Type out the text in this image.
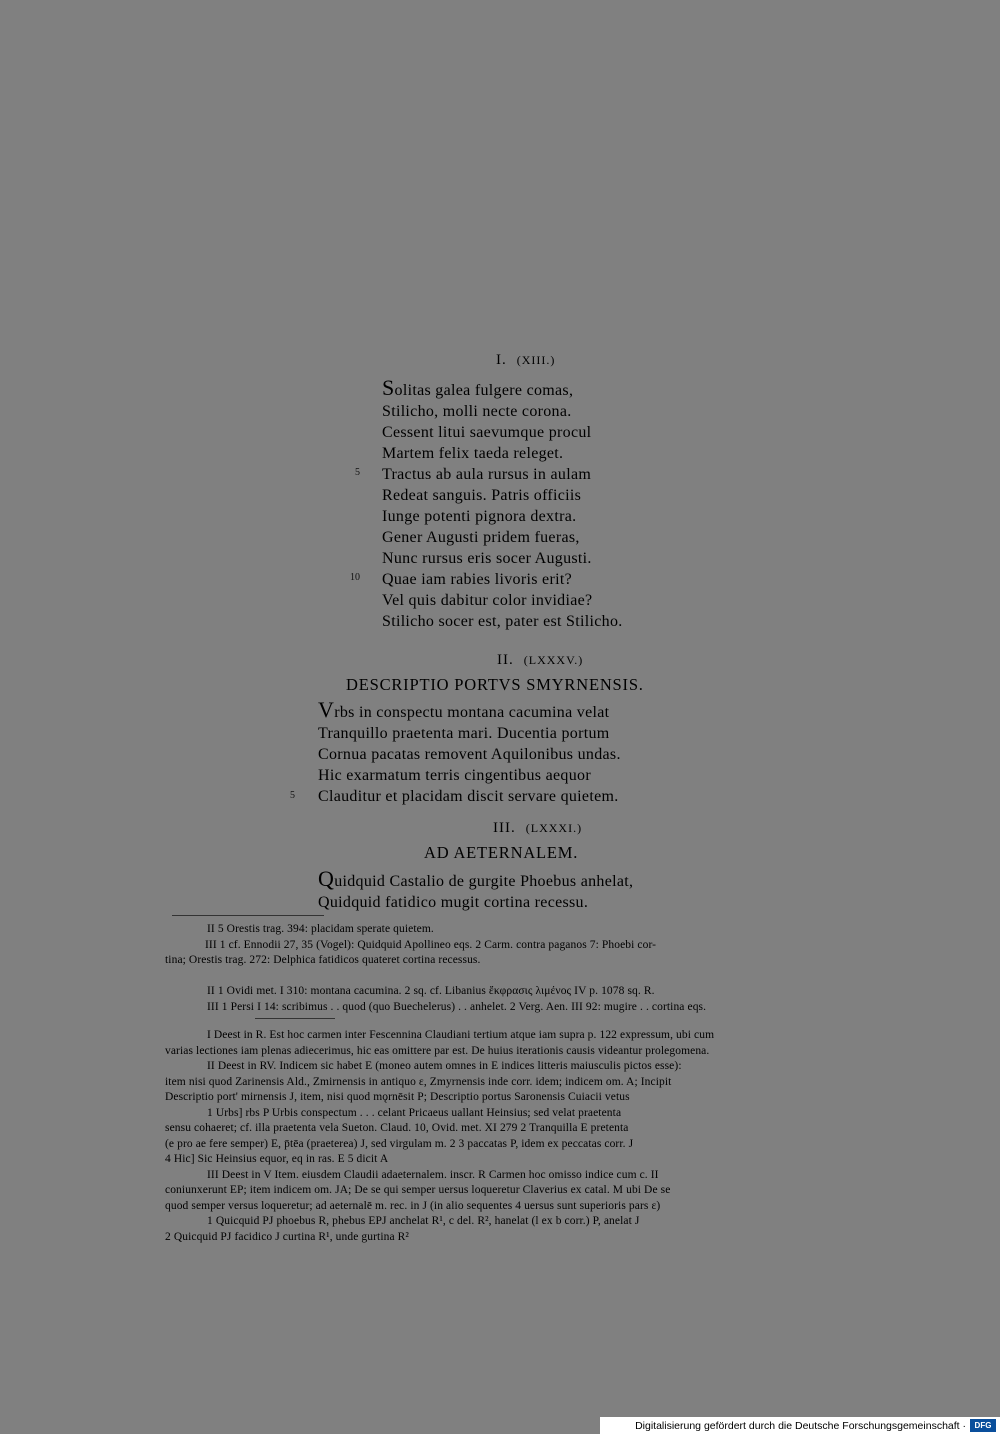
I. (XIII.)
Solitas galea fulgere comas,
Stilicho, molli necte corona.
Cessent litui saevumque procul
Martem felix taeda releget.
Tractus ab aula rursus in aulam
Redeat sanguis. Patris officiis
Iunge potenti pignora dextra.
Gener Augusti pridem fueras,
Nunc rursus eris socer Augusti.
Quae iam rabies livoris erit?
Vel quis dabitur color invidiae?
Stilicho socer est, pater est Stilicho.
5
10
II. (LXXXV.)
DESCRIPTIO PORTVS SMYRNENSIS.
Vrbs in conspectu montana cacumina velat
Tranquillo praetenta mari. Ducentia portum
Cornua pacatas removent Aquilonibus undas.
Hic exarmatum terris cingentibus aequor
Clauditur et placidam discit servare quietem.
5
III. (LXXXI.)
AD AETERNALEM.
Quidquid Castalio de gurgite Phoebus anhelat,
Quidquid fatidico mugit cortina recessu.
II 5 Orestis trag. 394: placidam sperate quietem.
III 1 cf. Ennodii 27, 35 (Vogel): Quidquid Apollineo eqs. 2 Carm. contra paganos 7: Phoebi cor-
tina; Orestis trag. 272: Delphica fatidicos quateret cortina recessus.
II 1 Ovidi met. I 310: montana cacumina. 2 sq. cf. Libanius ἔκφρασις λιμένος IV p. 1078 sq. R.
III 1 Persi I 14: scribimus . . quod (quo Buechelerus) . . anhelet. 2 Verg. Aen. III 92: mugire . . cortina eqs.
I Deest in R. Est hoc carmen inter Fescennina Claudiani tertium atque iam supra p. 122 expressum, ubi cum
varias lectiones iam plenas adiecerimus, hic eas omittere par est. De huius iterationis causis videantur prolegomena.
II Deest in RV. Indicem sic habet E (moneo autem omnes in E indices litteris maiusculis pictos esse):
item nisi quod Zarinensis Ald., Zmirnensis in antiquo ε, Zmyrnensis inde corr. idem; indicem om. A; Incipit
Descriptio port' mirnensis J, item, nisi quod mǫrnēsit P; Descriptio portus Saronensis Cuiacii vetus
1 Urbs] rbs P Urbis conspectum . . . celant Pricaeus uallant Heinsius; sed velat praetenta
sensu cohaeret; cf. illa praetenta vela Sueton. Claud. 10, Ovid. met. XI 279 2 Tranquilla E pretenta
(e pro ae fere semper) E, p̄tēa (praeterea) J, sed virgulam m. 2 3 paccatas P, idem ex peccatas corr. J
4 Hic] Sic Heinsius equor, eq in ras. E 5 dicit A
III Deest in V Item. eiusdem Claudii adaeternalem. inscr. R Carmen hoc omisso indice cum c. II
coniunxerunt EP; item indicem om. JA; De se qui semper uersus loqueretur Claverius ex catal. M ubi De se
quod semper versus loqueretur; ad aeternalē m. rec. in J (in alio sequentes 4 uersus sunt superioris pars ε)
1 Quicquid PJ phoebus R, phebus EPJ anchelat R¹, c del. R², hanelat (l ex b corr.) P, anelat J
2 Quicquid PJ facidico J curtina R¹, unde gurtina R²
Digitalisierung gefördert durch die Deutsche Forschungsgemeinschaft ·	DFG
